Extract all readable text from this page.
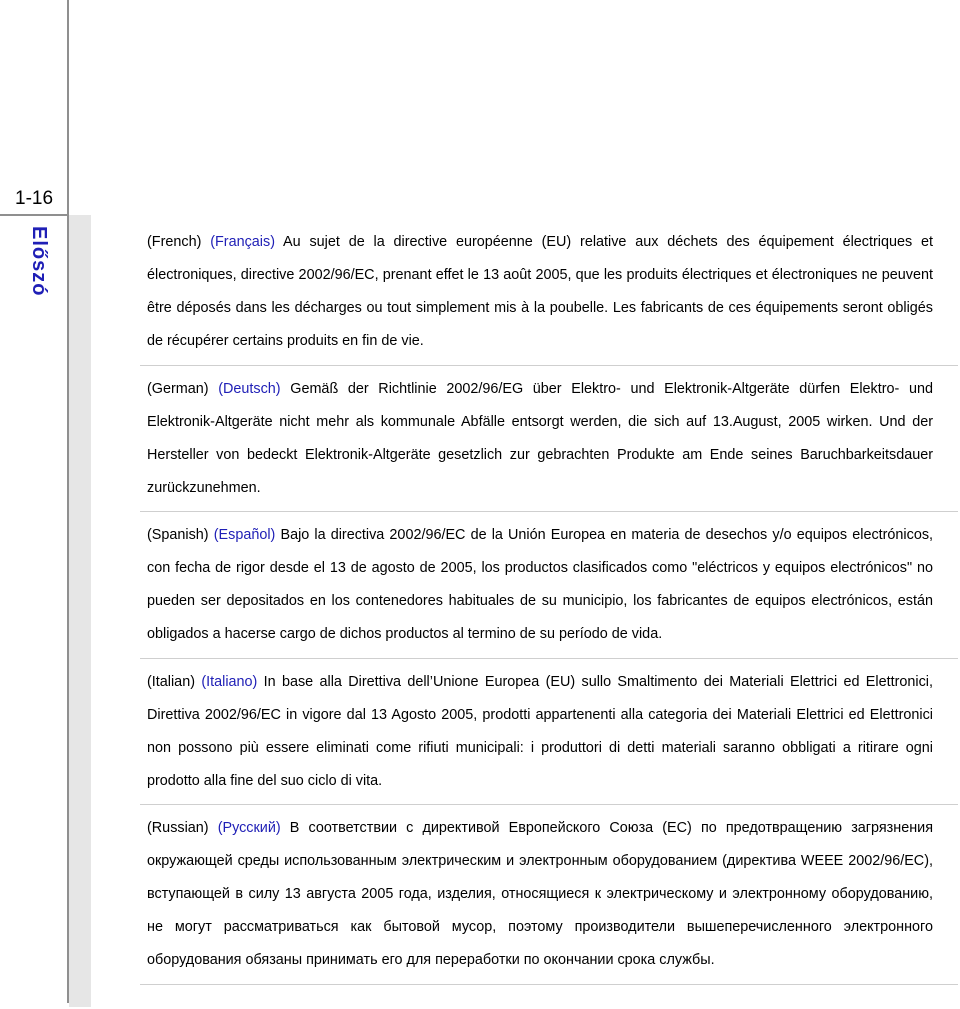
1-16
Előszó	(French) (Français) Au sujet de la directive européenne (EU) relative aux déchets des équipement électriques et électroniques, directive 2002/96/EC, prenant effet le 13 août 2005, que les produits électriques et électroniques ne peuvent être déposés dans les décharges ou tout simplement mis à la poubelle. Les fabricants de ces équipements seront obligés de récupérer certains produits en fin de vie.
(German) (Deutsch) Gemäß der Richtlinie 2002/96/EG über Elektro- und Elektronik-Altgeräte dürfen Elektro- und Elektronik-Altgeräte nicht mehr als kommunale Abfälle entsorgt werden, die sich auf 13.August, 2005 wirken. Und der Hersteller von bedeckt Elektronik-Altgeräte gesetzlich zur gebrachten Produkte am Ende seines Baruchbarkeitsdauer zurückzunehmen.
(Spanish) (Español) Bajo la directiva 2002/96/EC de la Unión Europea en materia de desechos y/o equipos electrónicos, con fecha de rigor desde el 13 de agosto de 2005, los productos clasificados como "eléctricos y equipos electrónicos" no pueden ser depositados en los contenedores habituales de su municipio, los fabricantes de equipos electrónicos, están obligados a hacerse cargo de dichos productos al termino de su período de vida.
(Italian) (Italiano) In base alla Direttiva dell’Unione Europea (EU) sullo Smaltimento dei Materiali Elettrici ed Elettronici, Direttiva 2002/96/EC in vigore dal 13 Agosto 2005, prodotti appartenenti alla categoria dei Materiali Elettrici ed Elettronici non possono più essere eliminati come rifiuti municipali: i produttori di detti materiali saranno obbligati a ritirare ogni prodotto alla fine del suo ciclo di vita.
(Russian) (Русский) В соответствии с директивой Европейского Союза (ЕС) по предотвращению загрязнения окружающей среды использованным электрическим и электронным оборудованием (директива WEEE 2002/96/EC), вступающей в силу 13 августа 2005 года, изделия, относящиеся к электрическому и электронному оборудованию, не могут рассматриваться как бытовой мусор, поэтому производители вышеперечисленного электронного оборудования обязаны принимать его для переработки по окончании срока службы.
